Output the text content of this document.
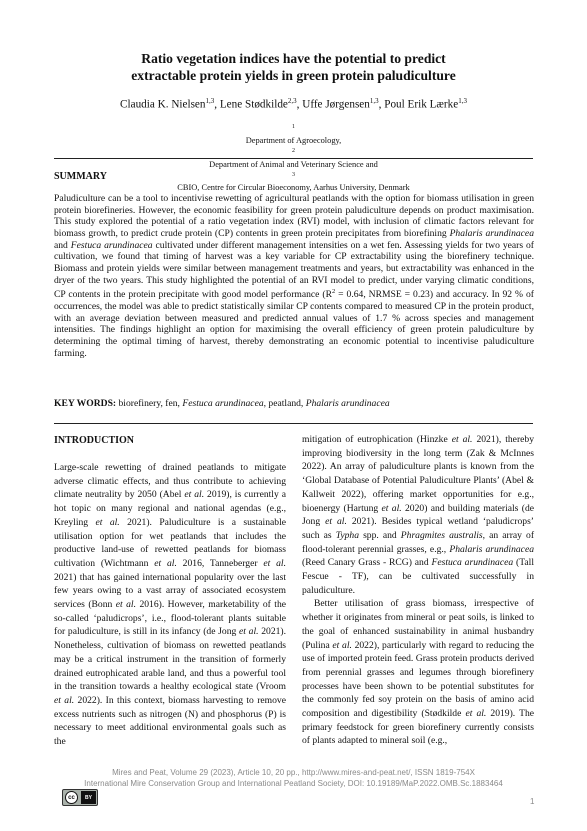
Ratio vegetation indices have the potential to predict
extractable protein yields in green protein paludiculture
Claudia K. Nielsen$^{1,3}$, Lene Stødkilde$^{2,3}$, Uffe Jørgensen$^{1,3}$, Poul Erik Lærke$^{1,3}$
$^1$
Department of Agroecology,
$^2$
Department of Animal and Veterinary Science and
$^3$
CBIO, Centre for Circular Bioeconomy, Aarhus University, Denmark
SUMMARY

Paludiculture can be a tool to incentivise rewetting of agricultural peatlands with the option for biomass utilisation in green protein biorefineries. However, the economic feasibility for green protein paludiculture depends on product maximisation. This study explored the potential of a ratio vegetation index (RVI) model, with inclusion of climatic factors relevant for biomass growth, to predict crude protein (CP) contents in green protein precipitates from biorefining Phalaris arundinacea and Festuca arundinacea cultivated under different management intensities on a wet fen. Assessing yields for two years of cultivation, we found that timing of harvest was a key variable for CP extractability using the biorefinery technique. Biomass and protein yields were similar between management treatments and years, but extractability was enhanced in the dryer of the two years. This study highlighted the potential of an RVI model to predict, under varying climatic conditions, CP contents in the protein precipitate with good model performance ($R^2 = 0.64$, NRMSE = 0.23) and accuracy. In 92 % of occurrences, the model was able to predict statistically similar CP contents compared to measured CP in the protein product, with an average deviation between measured and predicted annual values of 1.7 % across species and management intensities. The findings highlight an option for maximising the overall efficiency of green protein paludiculture by determining the optimal timing of harvest, thereby demonstrating an economic potential to incentivise paludiculture farming.

KEY WORDS: biorefinery, fen, Festuca arundinacea, peatland, Phalaris arundinacea
INTRODUCTION

Large-scale rewetting of drained peatlands to mitigate adverse climatic effects, and thus contribute to achieving climate neutrality by 2050 (Abel et al. 2019), is currently a hot topic on many regional and national agendas (e.g., Kreyling et al. 2021). Paludiculture is a sustainable utilisation option for wet peatlands that includes the productive land-use of rewetted peatlands for biomass cultivation (Wichtmann et al. 2016, Tanneberger et al. 2021) that has gained international popularity over the last few years owing to a vast array of associated ecosystem services (Bonn et al. 2016). However, marketability of the so-called ‘paludicrops’, i.e., flood-tolerant plants suitable for paludiculture, is still in its infancy (de Jong et al. 2021). Nonetheless, cultivation of biomass on rewetted peatlands may be a critical instrument in the transition of formerly drained eutrophicated arable land, and thus a powerful tool in the transition towards a healthy ecological state (Vroom et al. 2022). In this context, biomass harvesting to remove excess nutrients such as nitrogen (N) and phosphorus (P) is necessary to meet additional environmental goals such as the

mitigation of eutrophication (Hinzke et al. 2021), thereby improving biodiversity in the long term (Zak & McInnes 2022). An array of paludiculture plants is known from the ‘Global Database of Potential Paludiculture Plants’ (Abel & Kallweit 2022), offering market opportunities for e.g., bioenergy (Hartung et al. 2020) and building materials (de Jong et al. 2021). Besides typical wetland ‘paludicrops’ such as Typha spp. and Phragmites australis, an array of flood-tolerant perennial grasses, e.g., Phalaris arundinacea (Reed Canary Grass - RCG) and Festuca arundinacea (Tall Fescue - TF), can be cultivated successfully in paludiculture.

Better utilisation of grass biomass, irrespective of whether it originates from mineral or peat soils, is linked to the goal of enhanced sustainability in animal husbandry (Pulina et al. 2022), particularly with regard to reducing the use of imported protein feed. Grass protein products derived from perennial grasses and legumes through biorefinery processes have been shown to be potential substitutes for the commonly fed soy protein on the basis of amino acid composition and digestibility (Stødkilde et al. 2019). The primary feedstock for green biorefinery currently consists of plants adapted to mineral soil (e.g.,

Mires and Peat, Volume 29 (2023), Article 10, 20 pp., http://www.mires-and-peat.net/, ISSN 1819-754X
International Mire Conservation Group and International Peatland Society, DOI: 10.19189/MaP.2022.OMB.Sc.1883464
cc	BY	1
